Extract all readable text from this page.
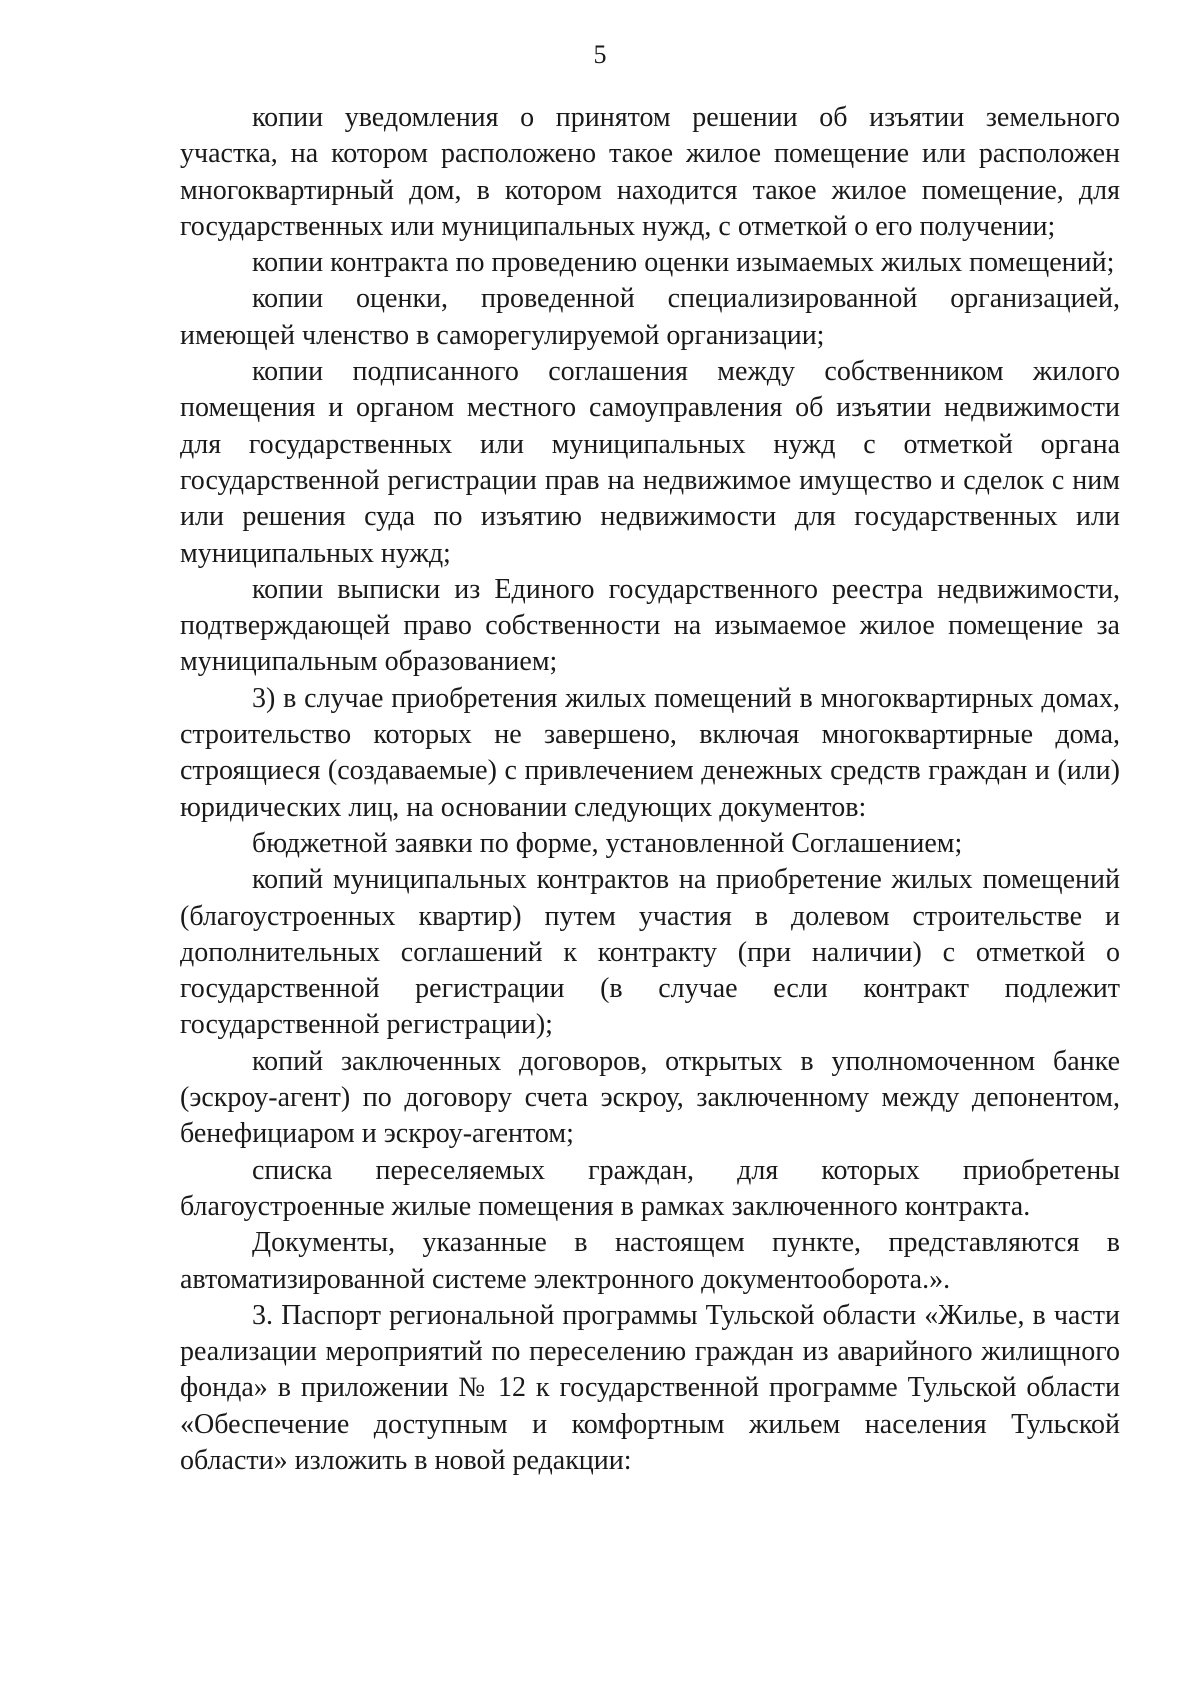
5

копии уведомления о принятом решении об изъятии земельного участка, на котором расположено такое жилое помещение или расположен многоквартирный дом, в котором находится такое жилое помещение, для государственных или муниципальных нужд, с отметкой о его получении;

копии контракта по проведению оценки изымаемых жилых помещений;

копии оценки, проведенной специализированной организацией, имеющей членство в саморегулируемой организации;

копии подписанного соглашения между собственником жилого помещения и органом местного самоуправления об изъятии недвижимости для государственных или муниципальных нужд с отметкой органа государственной регистрации прав на недвижимое имущество и сделок с ним или решения суда по изъятию недвижимости для государственных или муниципальных нужд;

копии выписки из Единого государственного реестра недвижимости, подтверждающей право собственности на изымаемое жилое помещение за муниципальным образованием;

3) в случае приобретения жилых помещений в многоквартирных домах, строительство которых не завершено, включая многоквартирные дома, строящиеся (создаваемые) с привлечением денежных средств граждан и (или) юридических лиц, на основании следующих документов:

бюджетной заявки по форме, установленной Соглашением;

копий муниципальных контрактов на приобретение жилых помещений (благоустроенных квартир) путем участия в долевом строительстве и дополнительных соглашений к контракту (при наличии) с отметкой о государственной регистрации (в случае если контракт подлежит государственной регистрации);

копий заключенных договоров, открытых в уполномоченном банке (эскроу-агент) по договору счета эскроу, заключенному между депонентом, бенефициаром и эскроу-агентом;

списка переселяемых граждан, для которых приобретены благоустроенные жилые помещения в рамках заключенного контракта.

Документы, указанные в настоящем пункте, представляются в автоматизированной системе электронного документооборота.».

3. Паспорт региональной программы Тульской области «Жилье, в части реализации мероприятий по переселению граждан из аварийного жилищного фонда» в приложении № 12 к государственной программе Тульской области «Обеспечение доступным и комфортным жильем населения Тульской области» изложить в новой редакции:
